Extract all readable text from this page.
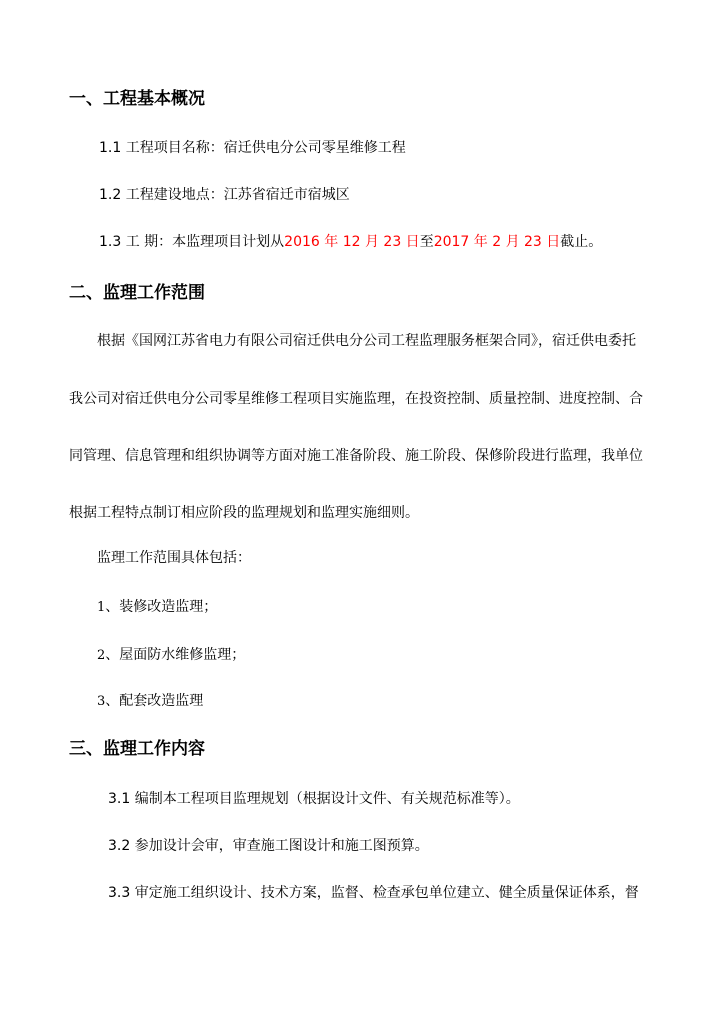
一、工程基本概况
1.1 工程项目名称：宿迁供电分公司零星维修工程
1.2 工程建设地点：江苏省宿迁市宿城区
1.3 工 期：本监理项目计划从2016 年 12 月 23 日至2017 年 2 月 23 日截止。
二、监理工作范围
根据《国网江苏省电力有限公司宿迁供电分公司工程监理服务框架合同》，宿迁供电委托
我公司对宿迁供电分公司零星维修工程项目实施监理，在投资控制、质量控制、进度控制、合
同管理、信息管理和组织协调等方面对施工准备阶段、施工阶段、保修阶段进行监理，我单位
根据工程特点制订相应阶段的监理规划和监理实施细则。
监理工作范围具体包括：
1、装修改造监理；
2、屋面防水维修监理；
3、配套改造监理
三、监理工作内容
3.1 编制本工程项目监理规划（根据设计文件、有关规范标准等）。
3.2 参加设计会审，审查施工图设计和施工图预算。
3.3 审定施工组织设计、技术方案，监督、检查承包单位建立、健全质量保证体系，督
